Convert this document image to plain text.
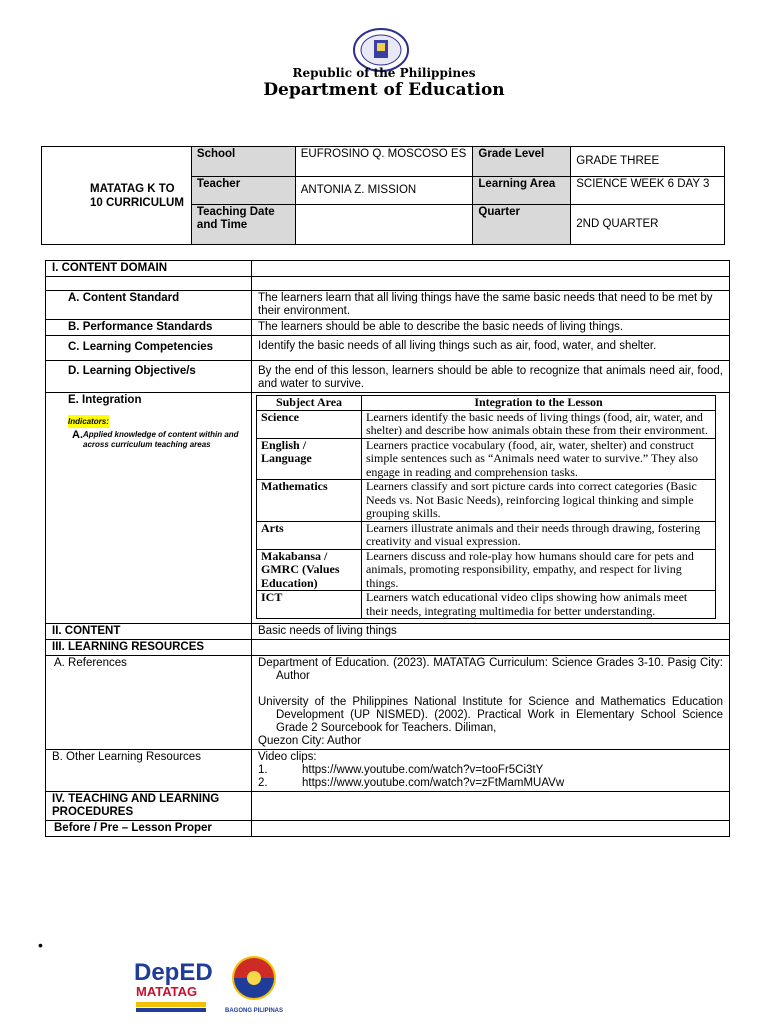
Republic of the Philippines
Department of Education
MATATAG K TO 10 CURRICULUM	School	EUFROSINO Q. MOSCOSO ES	Grade Level	GRADE THREE
	Teacher	ANTONIA Z. MISSION	Learning Area	SCIENCE WEEK 6 DAY 3
	Teaching Date and Time		Quarter	2ND QUARTER
I. CONTENT DOMAIN	

A. Content Standard	The learners learn that all living things have the same basic needs that need to be met by their environment.
B. Performance Standards	The learners should be able to describe the basic needs of living things.

C. Learning Competencies	Identify the basic needs of all living things such as air, food, water, and shelter.
D. Learning Objective/s	By the end of this lesson, learners should be able to recognize that animals need air, food, and water to survive.

E. Integration
Indicators:
A. Applied knowledge of content within and across curriculum teaching areas

Subject Area	Integration to the Lesson
Science	Learners identify the basic needs of living things (food, air, water, and shelter) and describe how animals obtain these from their environment.
English / Language	Learners practice vocabulary (food, air, water, shelter) and construct simple sentences such as “Animals need water to survive.” They also engage in reading and comprehension tasks.
Mathematics	Learners classify and sort picture cards into correct categories (Basic Needs vs. Not Basic Needs), reinforcing logical thinking and simple grouping skills.
Arts	Learners illustrate animals and their needs through drawing, fostering creativity and visual expression.
Makabansa / GMRC (Values Education)	Learners discuss and role-play how humans should care for pets and animals, promoting responsibility, empathy, and respect for living things.
ICT	Learners watch educational video clips showing how animals meet their needs, integrating multimedia for better understanding.

II. CONTENT	Basic needs of living things
III. LEARNING RESOURCES	
A. References	Department of Education. (2023). MATATAG Curriculum: Science Grades 3-10. Pasig City: Author

University of the Philippines National Institute for Science and Mathematics Education Development (UP NISMED). (2002). Practical Work in Elementary School Science Grade 2 Sourcebook for Teachers. Diliman,

Quezon City: Author

B. Other Learning Resources	Video clips:
1.	https://www.youtube.com/watch?v=tooFr5Ci3tY
2.	https://www.youtube.com/watch?v=zFtMamMUAVw

IV. TEACHING AND LEARNING PROCEDURES	
Before / Pre – Lesson Proper	
•
DepED
MATATAG
BAGONG PILIPINAS
